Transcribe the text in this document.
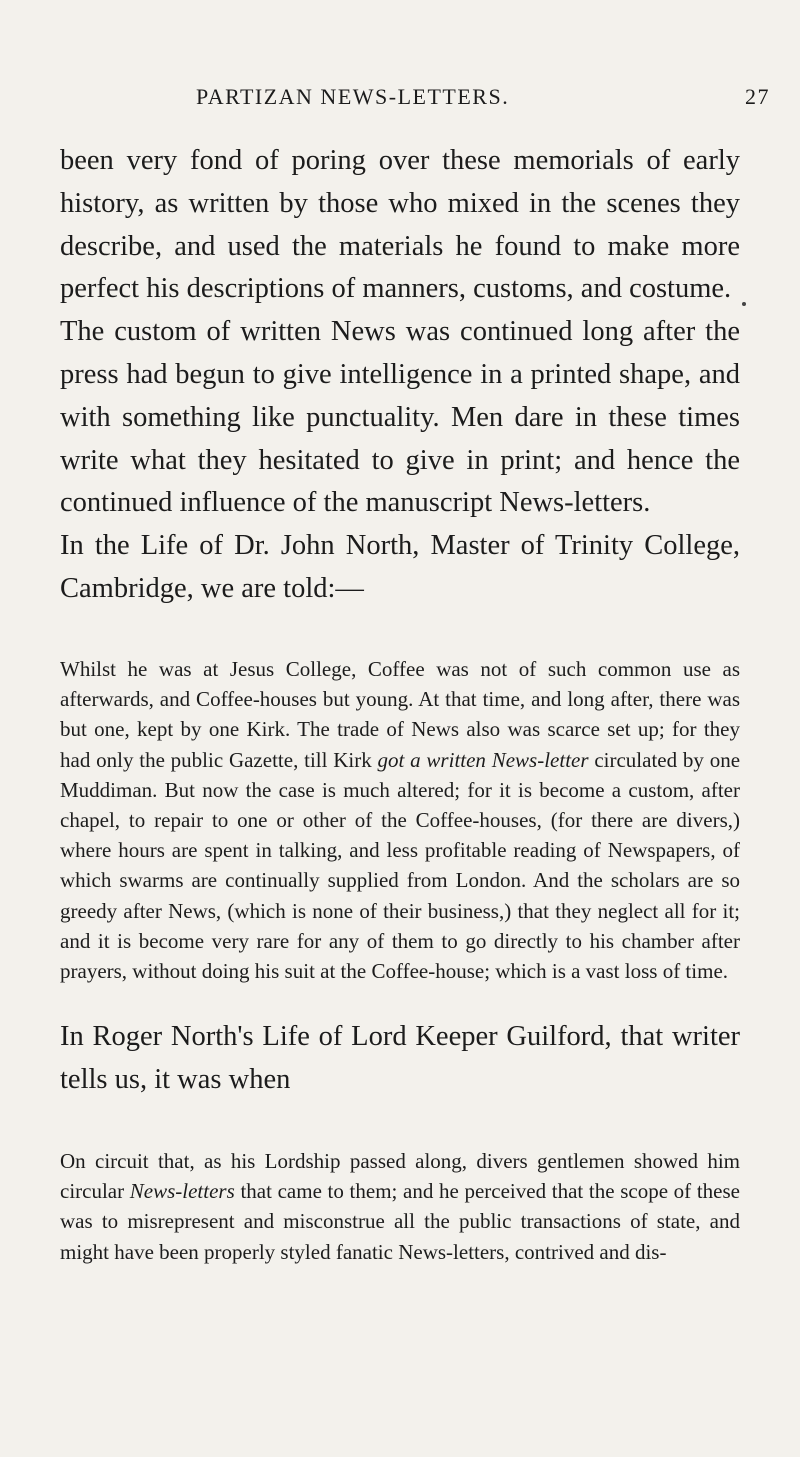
PARTIZAN NEWS-LETTERS.	27

been very fond of poring over these memorials of early history, as written by those who mixed in the scenes they describe, and used the materials he found to make more perfect his descriptions of manners, customs, and costume.

The custom of written News was continued long after the press had begun to give intelligence in a printed shape, and with something like punctuality. Men dare in these times write what they hesitated to give in print; and hence the continued influence of the manuscript News-letters.

In the Life of Dr. John North, Master of Trinity College, Cambridge, we are told:—

Whilst he was at Jesus College, Coffee was not of such common use as afterwards, and Coffee-houses but young. At that time, and long after, there was but one, kept by one Kirk. The trade of News also was scarce set up; for they had only the public Gazette, till Kirk got a written News-letter circulated by one Muddiman. But now the case is much altered; for it is become a custom, after chapel, to repair to one or other of the Coffee-houses, (for there are divers,) where hours are spent in talking, and less profitable reading of Newspapers, of which swarms are continually supplied from London. And the scholars are so greedy after News, (which is none of their business,) that they neglect all for it; and it is become very rare for any of them to go directly to his chamber after prayers, without doing his suit at the Coffee-house; which is a vast loss of time.

In Roger North's Life of Lord Keeper Guilford, that writer tells us, it was when

On circuit that, as his Lordship passed along, divers gentlemen showed him circular News-letters that came to them; and he perceived that the scope of these was to misrepresent and misconstrue all the public transactions of state, and might have been properly styled fanatic News-letters, contrived and dis-
